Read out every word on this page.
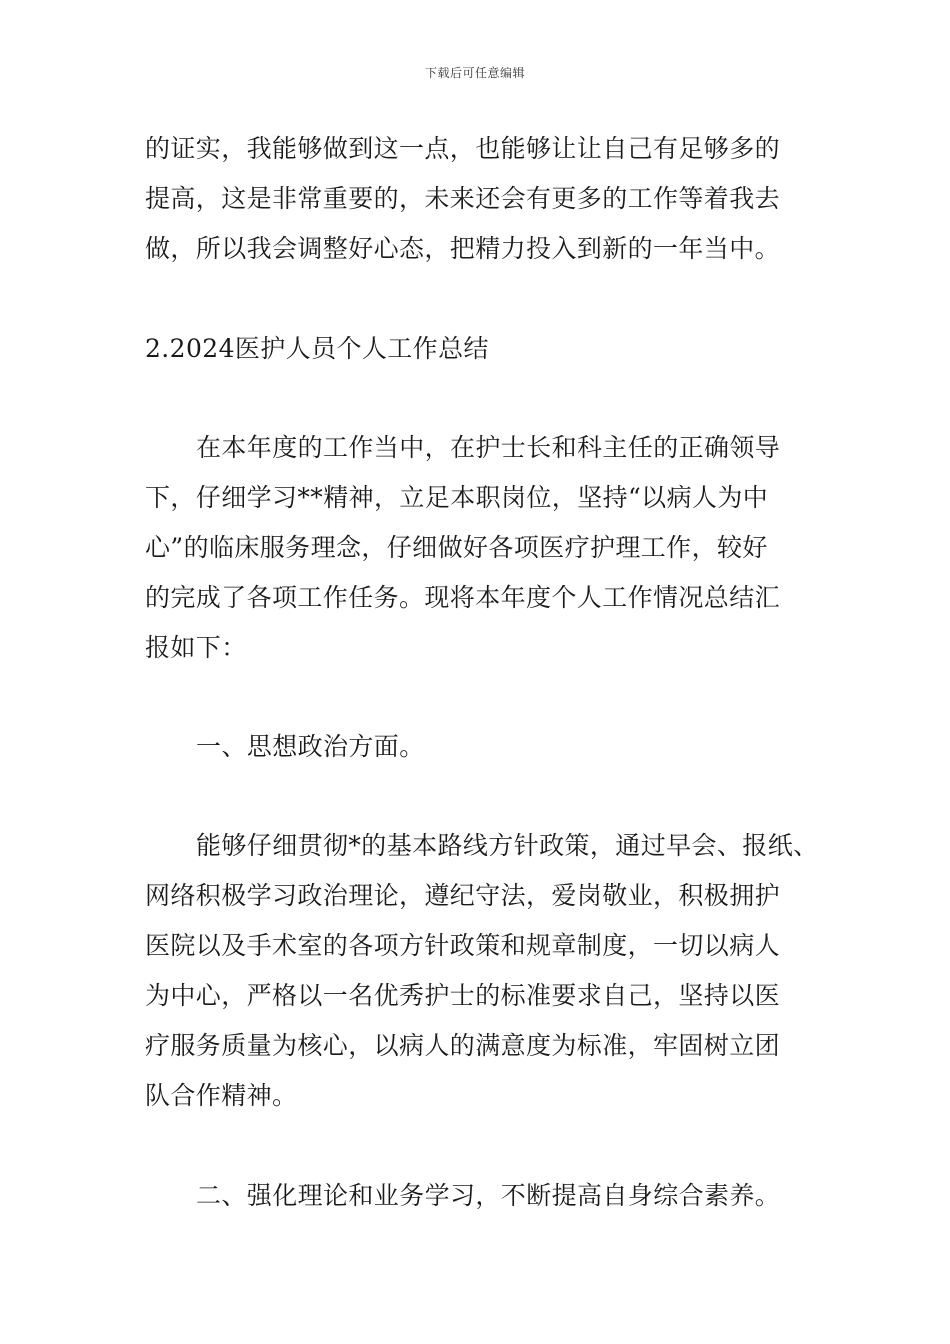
下载后可任意编辑
的证实，我能够做到这一点，也能够让让自己有足够多的
提高，这是非常重要的，未来还会有更多的工作等着我去
做，所以我会调整好心态，把精力投入到新的一年当中。
2.2024医护人员个人工作总结
在本年度的工作当中，在护士长和科主任的正确领导
下，仔细学习**精神，立足本职岗位，坚持“以病人为中
心”的临床服务理念，仔细做好各项医疗护理工作，较好
的完成了各项工作任务。现将本年度个人工作情况总结汇
报如下：
一、思想政治方面。
能够仔细贯彻*的基本路线方针政策，通过早会、报纸、
网络积极学习政治理论，遵纪守法，爱岗敬业，积极拥护
医院以及手术室的各项方针政策和规章制度，一切以病人
为中心，严格以一名优秀护士的标准要求自己，坚持以医
疗服务质量为核心，以病人的满意度为标准，牢固树立团
队合作精神。
二、强化理论和业务学习，不断提高自身综合素养。
